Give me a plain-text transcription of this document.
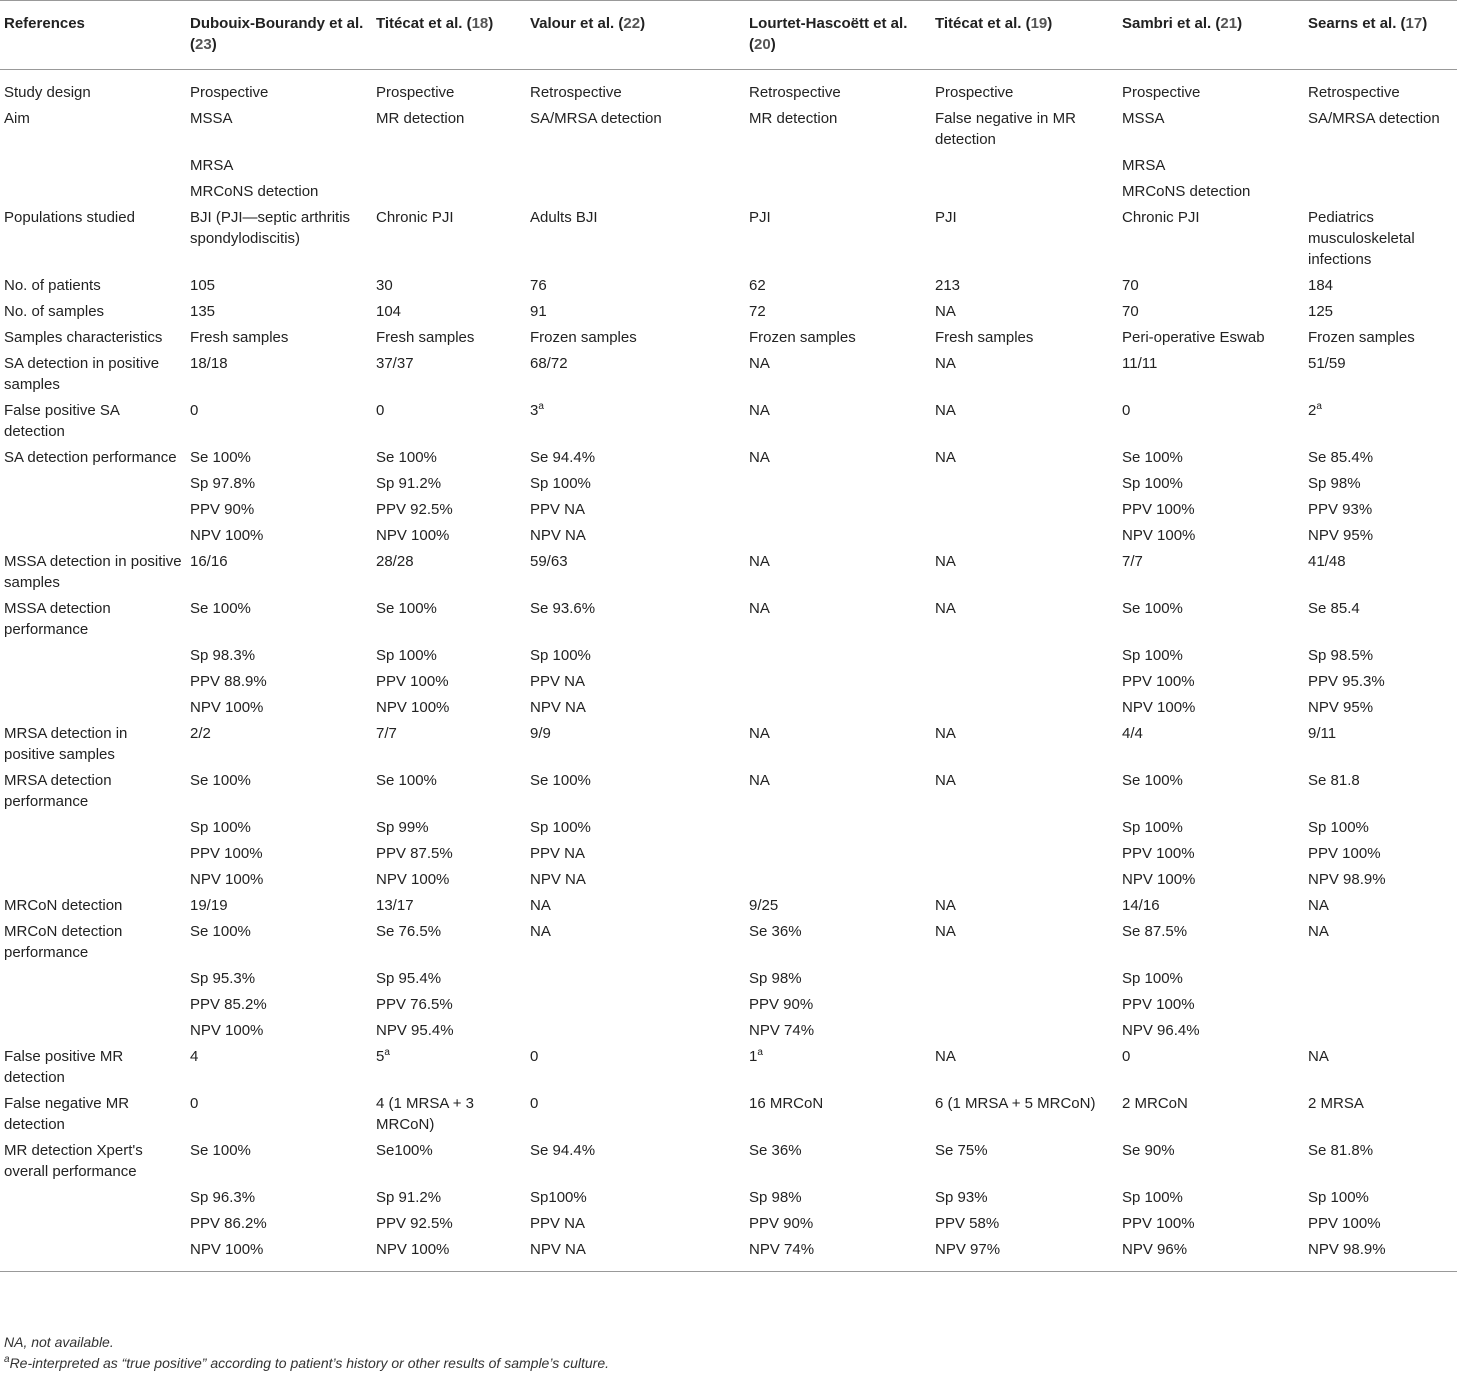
References	Dubouix-Bourandy et al. (23)	Titécat et al. (18)	Valour et al. (22)	Lourtet-Hascoëtt et al. (20)	Titécat et al. (19)	Sambri et al. (21)	Searns et al. (17)
Study design	Prospective	Prospective	Retrospective	Retrospective	Prospective	Prospective	Retrospective
Aim	MSSA	MR detection	SA/MRSA detection	MR detection	False negative in MR detection	MSSA	SA/MRSA detection
	MRSA					MRSA	
	MRCoNS detection					MRCoNS detection	
Populations studied	BJI (PJI—septic arthritis spondylodiscitis)	Chronic PJI	Adults BJI	PJI	PJI	Chronic PJI	Pediatrics musculoskeletal infections
No. of patients	105	30	76	62	213	70	184
No. of samples	135	104	91	72	NA	70	125
Samples characteristics	Fresh samples	Fresh samples	Frozen samples	Frozen samples	Fresh samples	Peri-operative Eswab	Frozen samples
SA detection in positive samples	18/18	37/37	68/72	NA	NA	11/11	51/59
False positive SA detection	0	0	3$^a$	NA	NA	0	2$^a$
SA detection performance	Se 100%	Se 100%	Se 94.4%	NA	NA	Se 100%	Se 85.4%
	Sp 97.8%	Sp 91.2%	Sp 100%			Sp 100%	Sp 98%
	PPV 90%	PPV 92.5%	PPV NA			PPV 100%	PPV 93%
	NPV 100%	NPV 100%	NPV NA			NPV 100%	NPV 95%
MSSA detection in positive samples	16/16	28/28	59/63	NA	NA	7/7	41/48
MSSA detection performance	Se 100%	Se 100%	Se 93.6%	NA	NA	Se 100%	Se 85.4
	Sp 98.3%	Sp 100%	Sp 100%			Sp 100%	Sp 98.5%
	PPV 88.9%	PPV 100%	PPV NA			PPV 100%	PPV 95.3%
	NPV 100%	NPV 100%	NPV NA			NPV 100%	NPV 95%
MRSA detection in positive samples	2/2	7/7	9/9	NA	NA	4/4	9/11
MRSA detection performance	Se 100%	Se 100%	Se 100%	NA	NA	Se 100%	Se 81.8
	Sp 100%	Sp 99%	Sp 100%			Sp 100%	Sp 100%
	PPV 100%	PPV 87.5%	PPV NA			PPV 100%	PPV 100%
	NPV 100%	NPV 100%	NPV NA			NPV 100%	NPV 98.9%
MRCoN detection	19/19	13/17	NA	9/25	NA	14/16	NA
MRCoN detection performance	Se 100%	Se 76.5%	NA	Se 36%	NA	Se 87.5%	NA
	Sp 95.3%	Sp 95.4%		Sp 98%		Sp 100%	
	PPV 85.2%	PPV 76.5%		PPV 90%		PPV 100%	
	NPV 100%	NPV 95.4%		NPV 74%		NPV 96.4%	
False positive MR detection	4	5$^a$	0	1$^a$	NA	0	NA
False negative MR detection	0	4 (1 MRSA + 3 MRCoN)	0	16 MRCoN	6 (1 MRSA + 5 MRCoN)	2 MRCoN	2 MRSA
MR detection Xpert's overall performance	Se 100%	Se100%	Se 94.4%	Se 36%	Se 75%	Se 90%	Se 81.8%
	Sp 96.3%	Sp 91.2%	Sp100%	Sp 98%	Sp 93%	Sp 100%	Sp 100%
	PPV 86.2%	PPV 92.5%	PPV NA	PPV 90%	PPV 58%	PPV 100%	PPV 100%
	NPV 100%	NPV 100%	NPV NA	NPV 74%	NPV 97%	NPV 96%	NPV 98.9%
NA, not available.
$^a$Re-interpreted as “true positive” according to patient’s history or other results of sample’s culture.
